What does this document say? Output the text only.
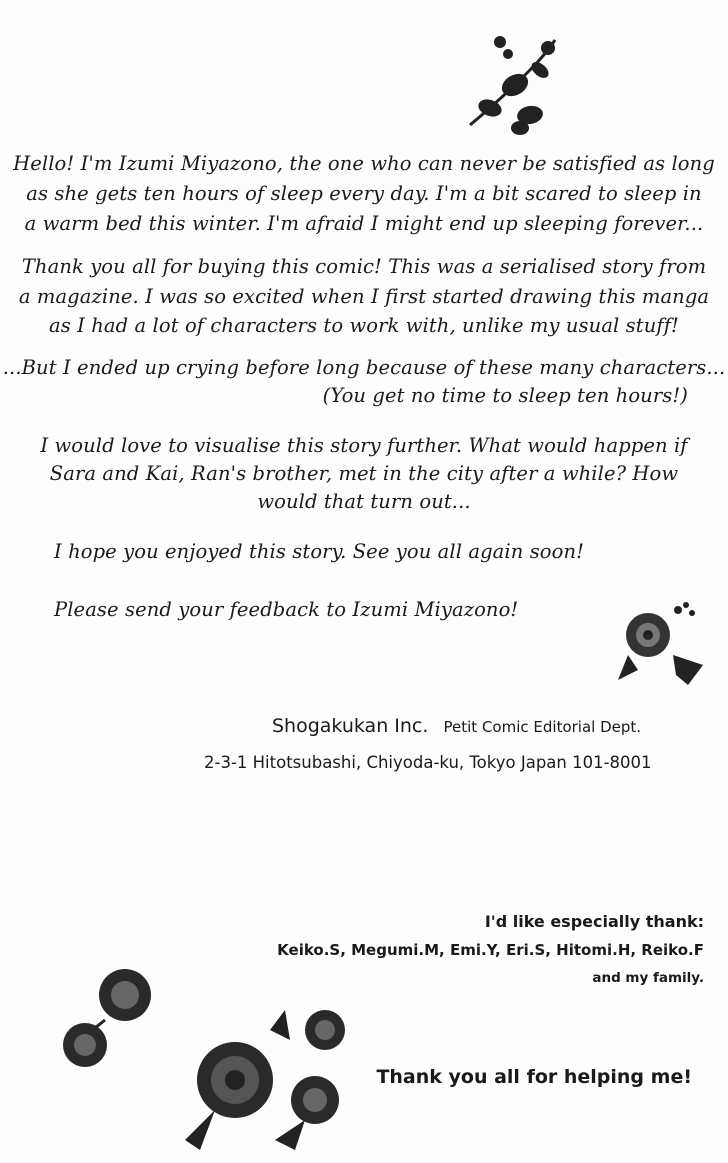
Hello! I'm Izumi Miyazono, the one who can never be satisfied as long
as she gets ten hours of sleep every day. I'm a bit scared to sleep in
a warm bed this winter. I'm afraid I might end up sleeping forever...
Thank you all for buying this comic! This was a serialised story from
a magazine. I was so excited when I first started drawing this manga
as I had a lot of characters to work with, unlike my usual stuff!
...But I ended up crying before long because of these many characters...
(You get no time to sleep ten hours!)
I would love to visualise this story further. What would happen if
Sara and Kai, Ran's brother, met in the city after a while? How
would that turn out...
I hope you enjoyed this story. See you all again soon!
Please send your feedback to Izumi Miyazono!
Shogakukan Inc. Petit Comic Editorial Dept.
2-3-1 Hitotsubashi, Chiyoda-ku, Tokyo Japan 101-8001
I'd like especially thank:
Keiko.S, Megumi.M, Emi.Y, Eri.S, Hitomi.H, Reiko.F
and my family.
Thank you all for helping me!
